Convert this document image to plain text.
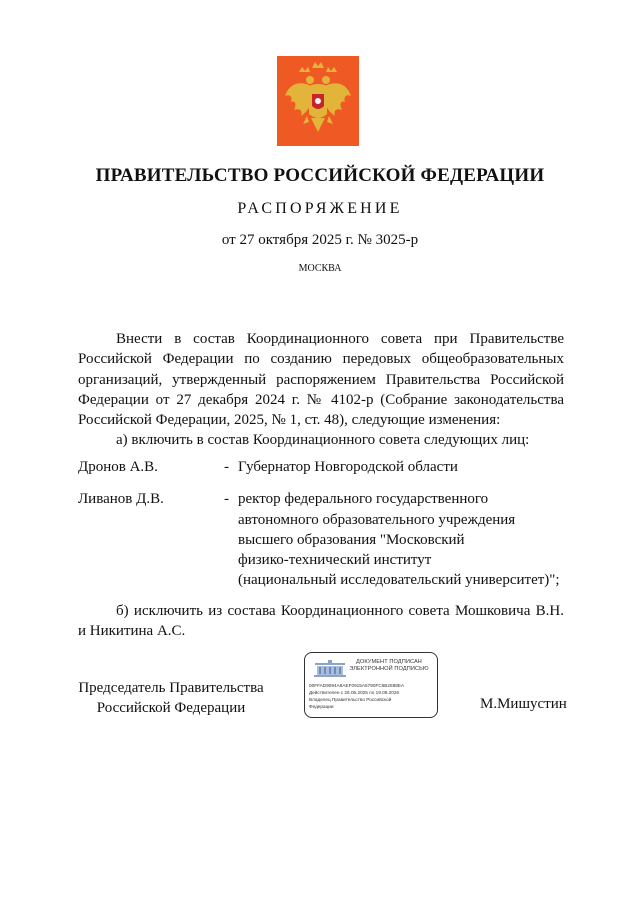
ПРАВИТЕЛЬСТВО РОССИЙСКОЙ ФЕДЕРАЦИИ
РАСПОРЯЖЕНИЕ
от 27 октября 2025 г. № 3025-р
МОСКВА

Внести в состав Координационного совета при Правительстве Российской Федерации по созданию передовых общеобразовательных организаций, утвержденный распоряжением Правительства Российской Федерации от 27 декабря 2024 г. № 4102-р (Собрание законодательства Российской Федерации, 2025, № 1, ст. 48), следующие изменения:

а) включить в состав Координационного совета следующих лиц:

Дронов А.В.	- Губернатор Новгородской области
Ливанов Д.В.	- ректор федерального государственного
автономного образовательного учреждения
высшего образования "Московский
физико-технический институт
(национальный исследовательский университет)";

б) исключить из состава Координационного совета Мошковича В.Н. и Никитина А.С.

Председатель Правительства
Российской Федерации
ДОКУМЕНТ ПОДПИСАН
ЭЛЕКТРОННОЙ ПОДПИСЬЮ
00FFAD9094A8AEF0915A5790FC6B2588EA
Действителен с 26.06.2025 по 19.09.2026
Владелец Правительство Российской
Федерации	М.Мишустин
